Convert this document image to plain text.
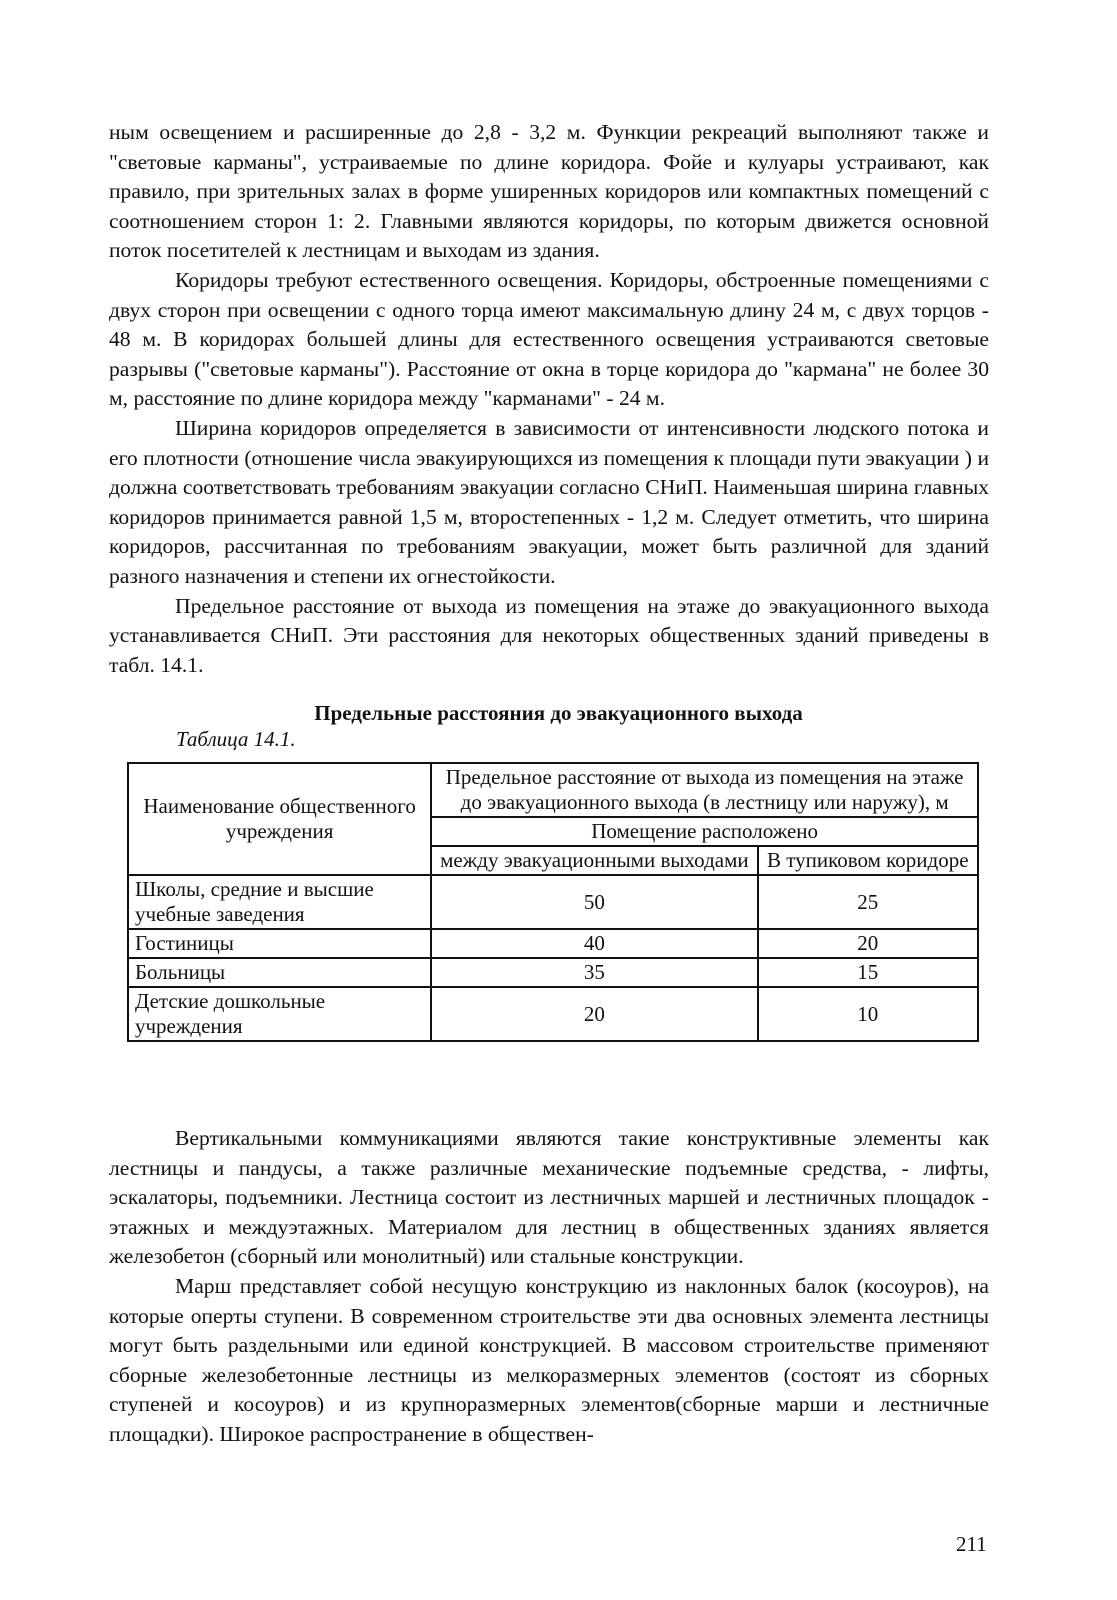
ным освещением и расширенные до 2,8 - 3,2 м. Функции рекреаций выполняют также и "световые карманы", устраиваемые по длине коридора. Фойе и кулуары устраивают, как правило, при зрительных залах в форме уширенных коридоров или компактных помещений с соотношением сторон 1: 2. Главными являются коридоры, по которым движется основной поток посетителей к лестницам и выходам из здания.

Коридоры требуют естественного освещения. Коридоры, обстроенные помещениями с двух сторон при освещении с одного торца имеют максимальную длину 24 м, с двух торцов - 48 м. В коридорах большей длины для естественного освещения устраиваются световые разрывы ("световые карманы"). Расстояние от окна в торце коридора до "кармана" не более 30 м, расстояние по длине коридора между "карманами" - 24 м.

Ширина коридоров определяется в зависимости от интенсивности людского потока и его плотности (отношение числа эвакуирующихся из помещения к площади пути эвакуации ) и должна соответствовать требованиям эвакуации согласно СНиП. Наименьшая ширина главных коридоров принимается равной 1,5 м, второстепенных - 1,2 м. Следует отметить, что ширина коридоров, рассчитанная по требованиям эвакуации, может быть различной для зданий разного назначения и степени их огнестойкости.

Предельное расстояние от выхода из помещения на этаже до эвакуационного выхода устанавливается СНиП. Эти расстояния для некоторых общественных зданий приведены в табл. 14.1.

Предельные расстояния до эвакуационного выхода
Таблица 14.1.
Наименование общественного учреждения	Предельное расстояние от выхода из помещения на этаже до эвакуационного выхода (в лестницу или наружу), м	
	Помещение расположено	
	между эвакуационными выходами	В тупиковом коридоре
Школы, средние и высшие учебные заведения	50	25
Гостиницы	40	20
Больницы	35	15
Детские дошкольные учреждения	20	10

Вертикальными коммуникациями являются такие конструктивные элементы как лестницы и пандусы, а также различные механические подъемные средства, - лифты, эскалаторы, подъемники. Лестница состоит из лестничных маршей и лестничных площадок - этажных и междуэтажных. Материалом для лестниц в общественных зданиях является железобетон (сборный или монолитный) или стальные конструкции.

Марш представляет собой несущую конструкцию из наклонных балок (косоуров), на которые оперты ступени. В современном строительстве эти два основных элемента лестницы могут быть раздельными или единой конструкцией. В массовом строительстве применяют сборные железобетонные лестницы из мелкоразмерных элементов (состоят из сборных ступеней и косоуров) и из крупноразмерных элементов(сборные марши и лестничные площадки). Широкое распространение в обществен-

211
